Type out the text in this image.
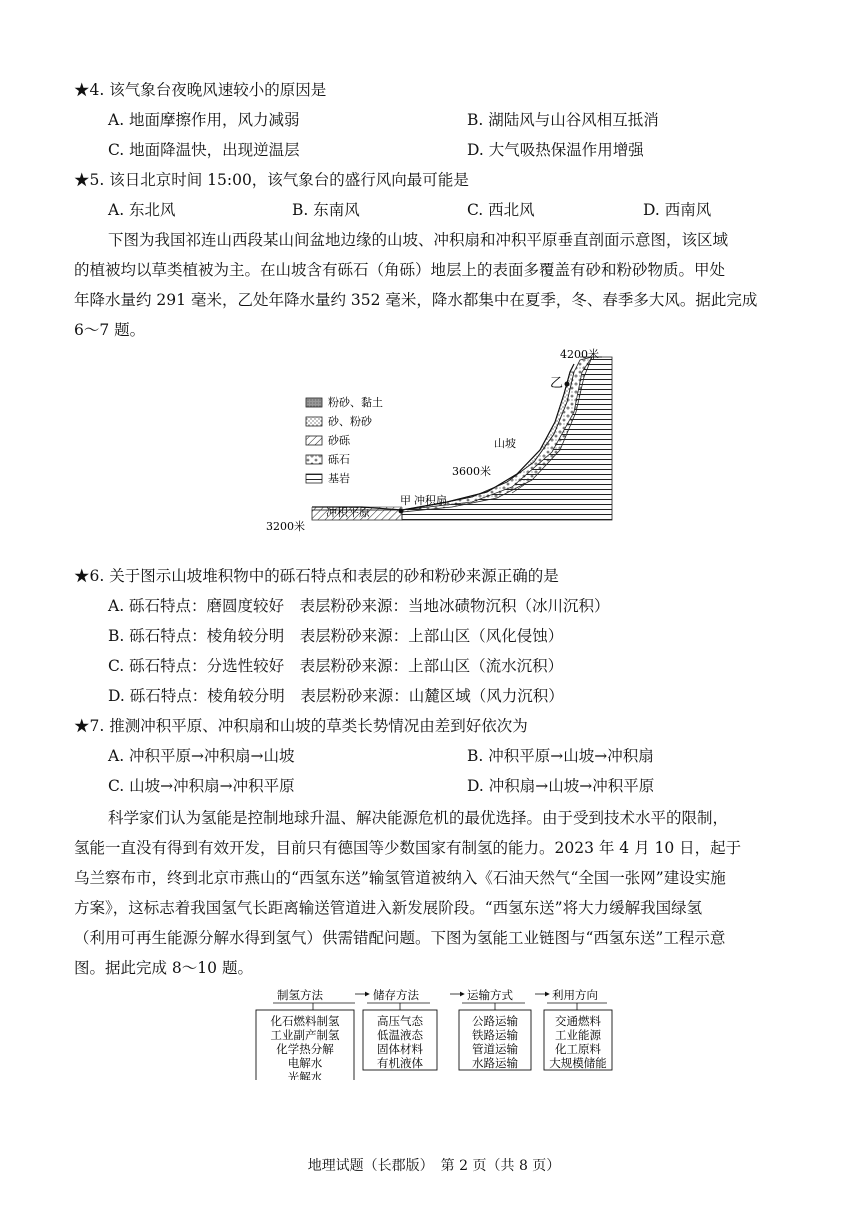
★4. 该气象台夜晚风速较小的原因是
A. 地面摩擦作用，风力减弱	B. 湖陆风与山谷风相互抵消
C. 地面降温快，出现逆温层	D. 大气吸热保温作用增强
★5. 该日北京时间 15:00，该气象台的盛行风向最可能是
A. 东北风	B. 东南风	C. 西北风	D. 西南风
下图为我国祁连山西段某山间盆地边缘的山坡、冲积扇和冲积平原垂直剖面示意图，该区域
的植被均以草类植被为主。在山坡含有砾石（角砾）地层上的表面多覆盖有砂和粉砂物质。甲处
年降水量约 291 毫米，乙处年降水量约 352 毫米，降水都集中在夏季，冬、春季多大风。据此完成
6～7 题。
粉砂、黏土
砂、粉砂
砂砾
砾石
基岩
4200米
乙
山坡
3600米
甲 冲积扇
冲积平原
3200米
★6. 关于图示山坡堆积物中的砾石特点和表层的砂和粉砂来源正确的是
A. 砾石特点：磨圆度较好　表层粉砂来源：当地冰碛物沉积（冰川沉积）
B. 砾石特点：棱角较分明　表层粉砂来源：上部山区（风化侵蚀）
C. 砾石特点：分选性较好　表层粉砂来源：上部山区（流水沉积）
D. 砾石特点：棱角较分明　表层粉砂来源：山麓区域（风力沉积）
★7. 推测冲积平原、冲积扇和山坡的草类长势情况由差到好依次为
A. 冲积平原→冲积扇→山坡	B. 冲积平原→山坡→冲积扇
C. 山坡→冲积扇→冲积平原	D. 冲积扇→山坡→冲积平原
科学家们认为氢能是控制地球升温、解决能源危机的最优选择。由于受到技术水平的限制，
氢能一直没有得到有效开发，目前只有德国等少数国家有制氢的能力。2023 年 4 月 10 日，起于
乌兰察布市，终到北京市燕山的“西氢东送”输氢管道被纳入《石油天然气“全国一张网”建设实施
方案》，这标志着我国氢气长距离输送管道进入新发展阶段。“西氢东送”将大力缓解我国绿氢
（利用可再生能源分解水得到氢气）供需错配问题。下图为氢能工业链图与“西氢东送”工程示意
图。据此完成 8～10 题。
制氢方法	储存方法	运输方式	利用方向
化石燃料制氢
工业副产制氢
化学热分解
电解水
光解水
高压气态
低温液态
固体材料
有机液体
公路运输
铁路运输
管道运输
水路运输
交通燃料
工业能源
化工原料
大规模储能
地理试题（长郡版）　第 2 页（共 8 页）
